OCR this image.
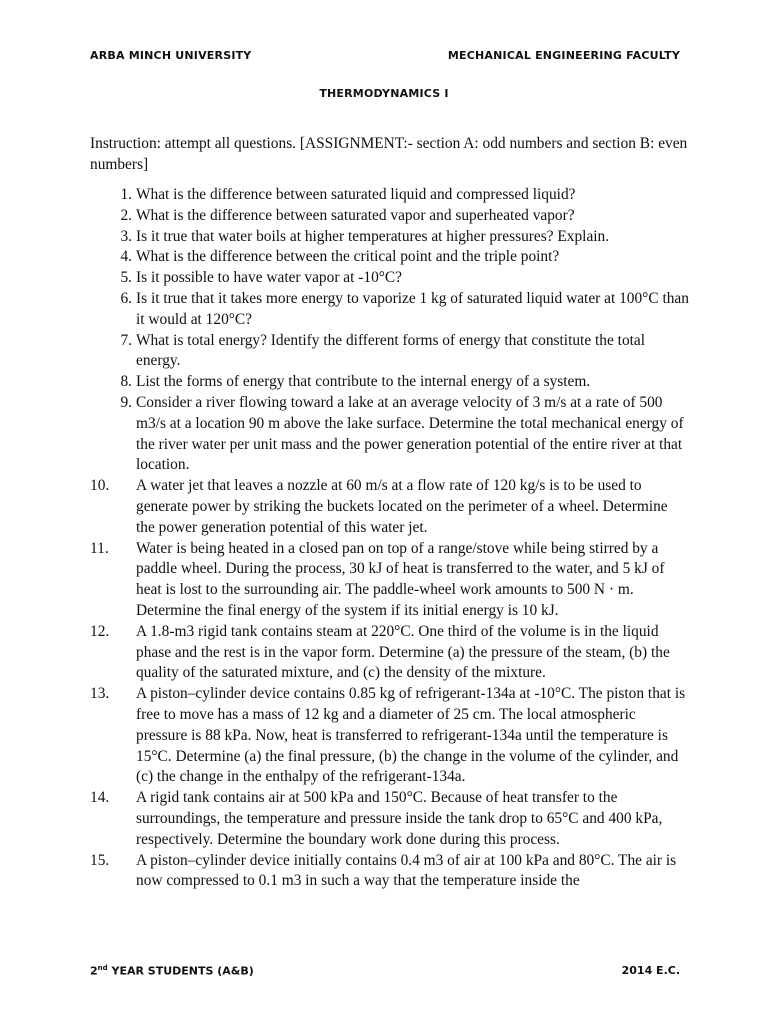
ARBA MINCH UNIVERSITY	MECHANICAL ENGINEERING FACULTY
THERMODYNAMICS I
Instruction: attempt all questions. [ASSIGNMENT:- section A: odd numbers and section B: even numbers]
1. What is the difference between saturated liquid and compressed liquid?
2. What is the difference between saturated vapor and superheated vapor?
3. Is it true that water boils at higher temperatures at higher pressures? Explain.
4. What is the difference between the critical point and the triple point?
5. Is it possible to have water vapor at -10°C?
6. Is it true that it takes more energy to vaporize 1 kg of saturated liquid water at 100°C than it would at 120°C?
7. What is total energy? Identify the different forms of energy that constitute the total energy.
8. List the forms of energy that contribute to the internal energy of a system.
9. Consider a river flowing toward a lake at an average velocity of 3 m/s at a rate of 500 m3/s at a location 90 m above the lake surface. Determine the total mechanical energy of the river water per unit mass and the power generation potential of the entire river at that location.
10.	A water jet that leaves a nozzle at 60 m/s at a flow rate of 120 kg/s is to be used to generate power by striking the buckets located on the perimeter of a wheel. Determine the power generation potential of this water jet.
11.	Water is being heated in a closed pan on top of a range/stove while being stirred by a paddle wheel. During the process, 30 kJ of heat is transferred to the water, and 5 kJ of heat is lost to the surrounding air. The paddle-wheel work amounts to 500 N · m. Determine the final energy of the system if its initial energy is 10 kJ.
12.	A 1.8-m3 rigid tank contains steam at 220°C. One third of the volume is in the liquid phase and the rest is in the vapor form. Determine (a) the pressure of the steam, (b) the quality of the saturated mixture, and (c) the density of the mixture.
13.	A piston–cylinder device contains 0.85 kg of refrigerant-134a at -10°C. The piston that is free to move has a mass of 12 kg and a diameter of 25 cm. The local atmospheric pressure is 88 kPa. Now, heat is transferred to refrigerant-134a until the temperature is 15°C. Determine (a) the final pressure, (b) the change in the volume of the cylinder, and (c) the change in the enthalpy of the refrigerant-134a.
14.	A rigid tank contains air at 500 kPa and 150°C. Because of heat transfer to the surroundings, the temperature and pressure inside the tank drop to 65°C and 400 kPa, respectively. Determine the boundary work done during this process.
15.	A piston–cylinder device initially contains 0.4 m3 of air at 100 kPa and 80°C. The air is now compressed to 0.1 m3 in such a way that the temperature inside the
2nd YEAR STUDENTS (A&B)	2014 E.C.
